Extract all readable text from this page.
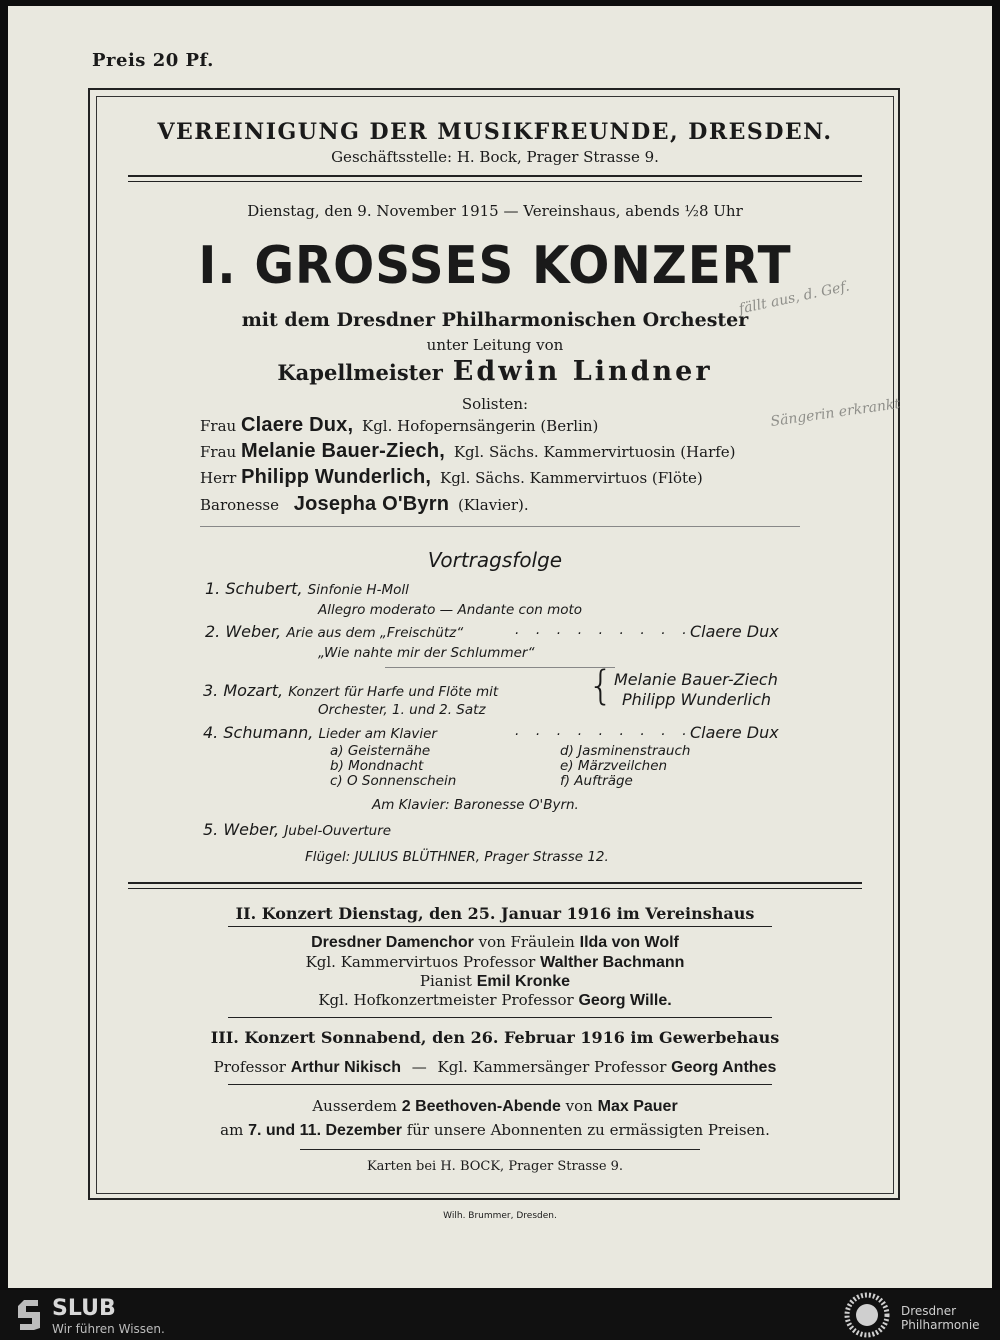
Preis 20 Pf.
VEREINIGUNG DER MUSIKFREUNDE, DRESDEN.
Geschäftsstelle: H. Bock, Prager Strasse 9.
Dienstag, den 9. November 1915 — Vereinshaus, abends ½8 Uhr
I. GROSSES KONZERT
mit dem Dresdner Philharmonischen Orchester
unter Leitung von
Kapellmeister Edwin Lindner
Solisten:
Frau Claere Dux, Kgl. Hofopernsängerin (Berlin)
Frau Melanie Bauer-Ziech, Kgl. Sächs. Kammervirtuosin (Harfe)
Herr Philipp Wunderlich, Kgl. Sächs. Kammervirtuos (Flöte)
Baronesse Josepha O'Byrn (Klavier).
Vortragsfolge
1. Schubert, Sinfonie H-Moll
Allegro moderato — Andante con moto
2. Weber, Arie aus dem „Freischütz“	. . . . . . . . .
Claere Dux
„Wie nahte mir der Schlummer“
3. Mozart, Konzert für Harfe und Flöte mit
Orchester, 1. und 2. Satz
{ Melanie Bauer-Ziech
Philipp Wunderlich
4. Schumann, Lieder am Klavier	. . . . . . . . .
Claere Dux
a) Geisternähe
b) Mondnacht
c) O Sonnenschein
d) Jasminenstrauch
e) Märzveilchen
f) Aufträge
Am Klavier: Baronesse O'Byrn.
5. Weber, Jubel-Ouverture
Flügel: JULIUS BLÜTHNER, Prager Strasse 12.
II. Konzert Dienstag, den 25. Januar 1916 im Vereinshaus
Dresdner Damenchor von Fräulein Ilda von Wolf
Kgl. Kammervirtuos Professor Walther Bachmann
Pianist Emil Kronke
Kgl. Hofkonzertmeister Professor Georg Wille.
III. Konzert Sonnabend, den 26. Februar 1916 im Gewerbehaus
Professor Arthur Nikisch — Kgl. Kammersänger Professor Georg Anthes
Ausserdem 2 Beethoven-Abende von Max Pauer
am 7. und 11. Dezember für unsere Abonnenten zu ermässigten Preisen.
Karten bei H. BOCK, Prager Strasse 9.
Wilh. Brummer, Dresden.
fällt aus, d. Gef.
Sängerin erkrankt
SLUB
Wir führen Wissen.
Dresdner
Philharmonie
